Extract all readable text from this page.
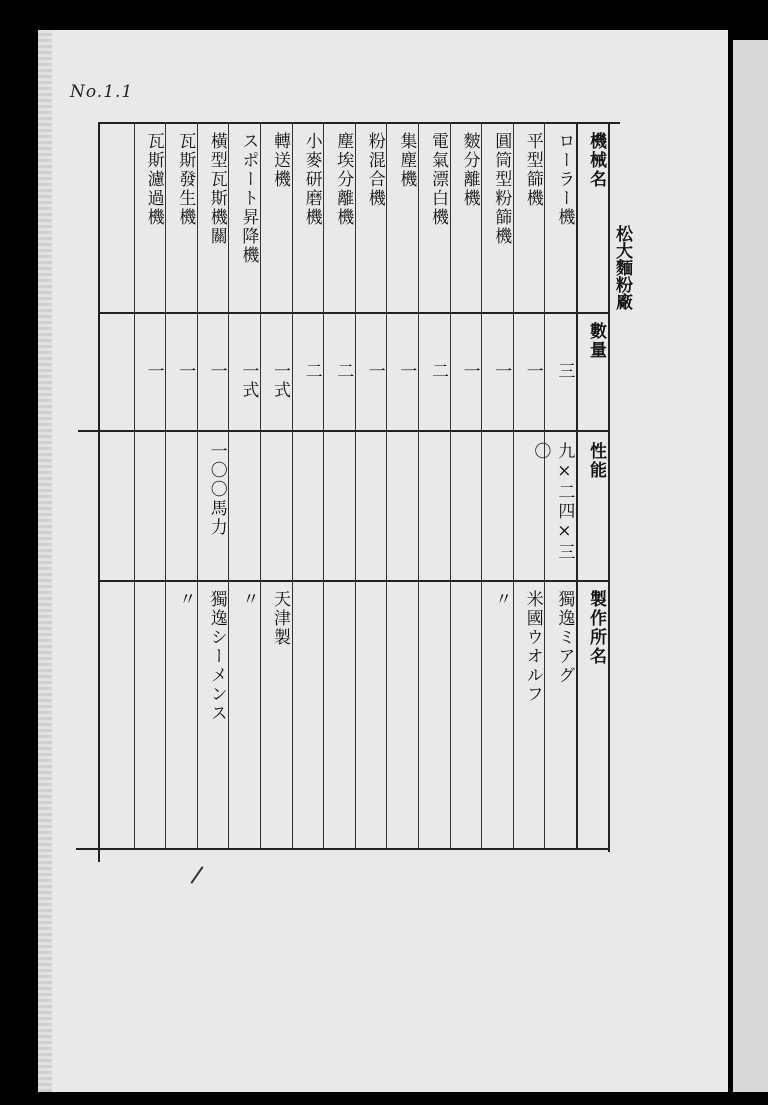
No.1.1
松大麵粉廠
機械名
數量
性能
製作所名
ローラー機
三
九×二四×三〇
獨逸ミアグ
平型篩機
一
米國ウオルフ
圓筒型粉篩機
一
〃
麬分離機
一
電氣漂白機
二
集塵機
一
粉混合機
一
塵埃分離機
二
小麥研磨機
二
轉送機
一式
天津製
スポート昇降機
一式
〃
橫型瓦斯機關
一
一〇〇馬力
獨逸シーメンス
瓦斯發生機
一
〃
瓦斯濾過機
一
